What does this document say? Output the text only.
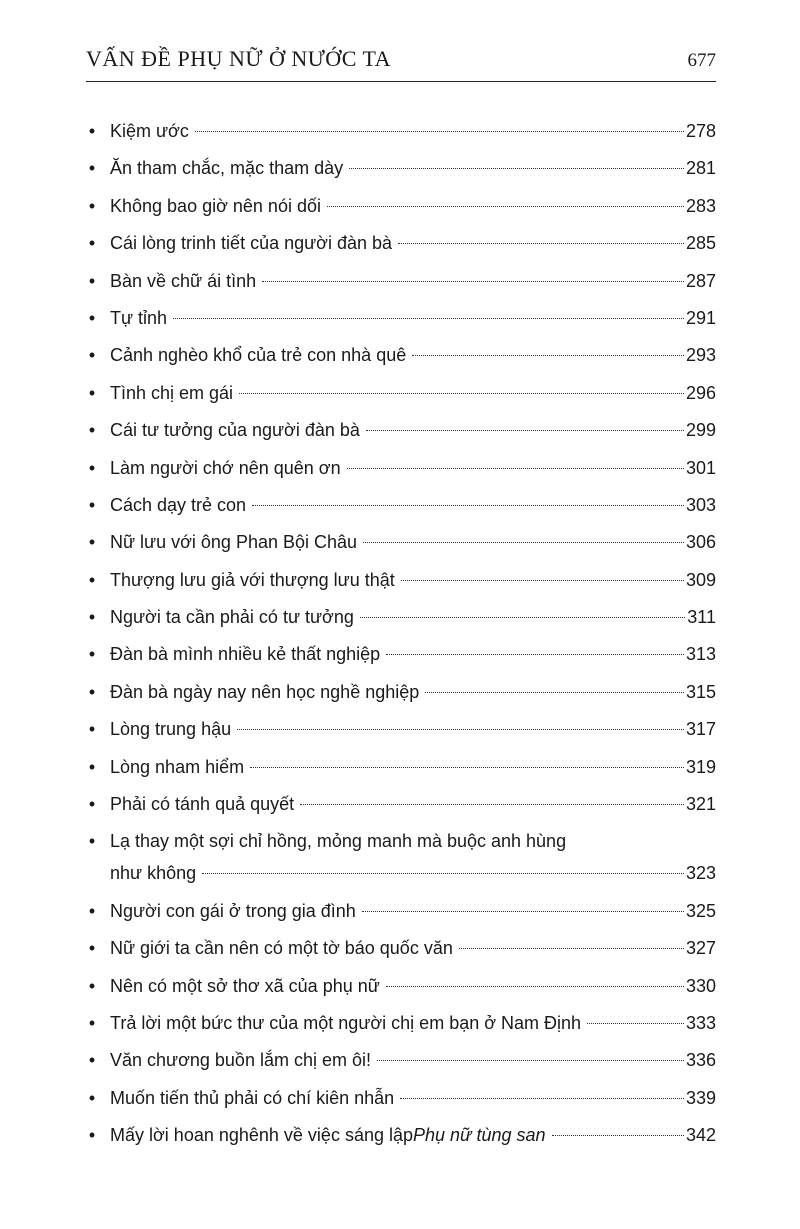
VẤN ĐỀ PHỤ NỮ Ở NƯỚC TA	677
• Kiệm ước	278
• Ăn tham chắc, mặc tham dày	281
• Không bao giờ nên nói dối	283
• Cái lòng trinh tiết của người đàn bà	285
• Bàn về chữ ái tình	287
• Tự tỉnh	291
• Cảnh nghèo khổ của trẻ con nhà quê	293
• Tình chị em gái	296
• Cái tư tưởng của người đàn bà	299
• Làm người chớ nên quên ơn	301
• Cách dạy trẻ con	303
• Nữ lưu với ông Phan Bội Châu	306
• Thượng lưu giả với thượng lưu thật	309
• Người ta cần phải có tư tưởng	311
• Đàn bà mình nhiều kẻ thất nghiệp	313
• Đàn bà ngày nay nên học nghề nghiệp	315
• Lòng trung hậu	317
• Lòng nham hiểm	319
• Phải có tánh quả quyết	321
• Lạ thay một sợi chỉ hồng, mỏng manh mà buộc anh hùng
như không	323
• Người con gái ở trong gia đình	325
• Nữ giới ta cần nên có một tờ báo quốc văn	327
• Nên có một sở thơ xã của phụ nữ	330
• Trả lời một bức thư của một người chị em bạn ở Nam Định	333
• Văn chương buồn lắm chị em ôi!	336
• Muốn tiến thủ phải có chí kiên nhẫn	339
• Mấy lời hoan nghênh về việc sáng lập Phụ nữ tùng san	342
